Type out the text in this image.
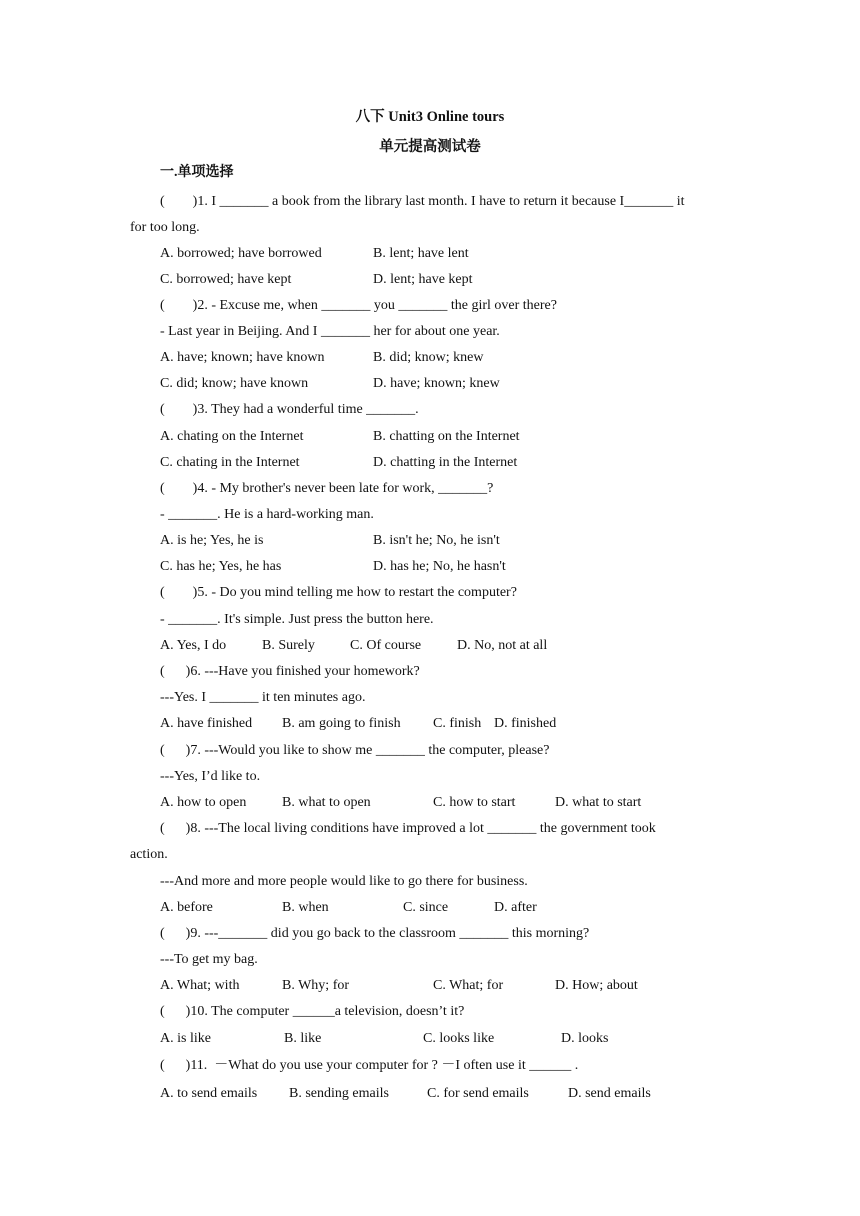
八下 Unit3 Online tours
单元提高测试卷
一.单项选择
(        )1. I _______ a book from the library last month. I have to return it because I_______ it
for too long.
A. borrowed; have borrowed	B. lent; have lent
C. borrowed; have kept	D. lent; have kept
(        )2. - Excuse me, when _______ you _______ the girl over there?
- Last year in Beijing. And I _______ her for about one year.
A. have; known; have known	B. did; know; knew
C. did; know; have known	D. have; known; knew
(        )3. They had a wonderful time _______.
A. chating on the Internet	B. chatting on the Internet
C. chating in the Internet	D. chatting in the Internet
(        )4. - My brother's never been late for work, _______?
- _______. He is a hard-working man.
A. is he; Yes, he is	B. isn't he; No, he isn't
C. has he; Yes, he has	D. has he; No, he hasn't
(        )5. - Do you mind telling me how to restart the computer?
- _______. It's simple. Just press the button here.
A. Yes, I do	B. Surely	C. Of course	D. No, not at all
(      )6. ---Have you finished your homework?
---Yes. I _______ it ten minutes ago.
A. have finished B. am going to finish C. finish D. finished
(      )7. ---Would you like to show me _______ the computer, please?
---Yes, I’d like to.
A. how to open	B. what to open	C. how to start	D. what to start
(      )8. ---The local living conditions have improved a lot _______ the government took
action.
---And more and more people would like to go there for business.
A. before	B. when	C. since	D. after
(      )9. ---_______ did you go back to the classroom _______ this morning?
---To get my bag.
A. What; with	B. Why; for	C. What; for	D. How; about
(      )10. The computer ______a television, doesn’t it?
A. is like	B. like	C. looks like	D. looks
(      )11.  －What do you use your computer for ? －I often use it ______ .
A. to send emails B. sending emails	C. for send emails	D. send emails
